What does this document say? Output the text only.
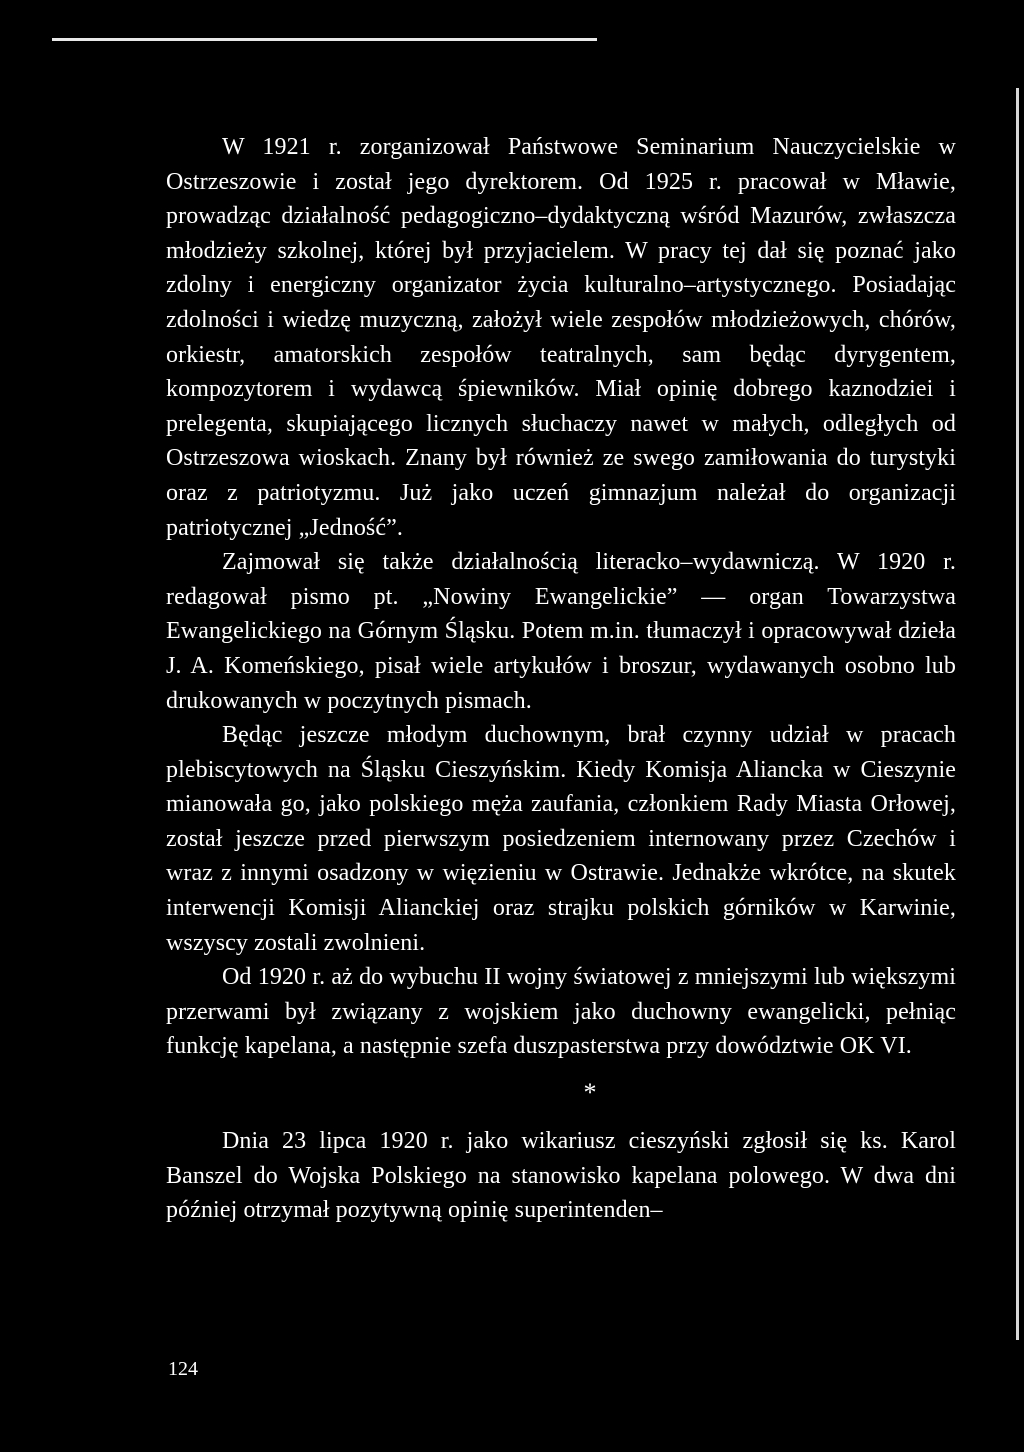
W 1921 r. zorganizował Państwowe Seminarium Nauczycielskie w Ostrzeszowie i został jego dyrektorem. Od 1925 r. pracował w Mławie, prowadząc działalność pedagogiczno–dydaktyczną wśród Mazurów, zwłaszcza młodzieży szkolnej, której był przyjacielem. W pracy tej dał się poznać jako zdolny i energiczny organizator życia kulturalno–artystycznego. Posiadając zdolności i wiedzę muzyczną, założył wiele zespołów młodzieżowych, chórów, orkiestr, amatorskich zespołów teatralnych, sam będąc dyrygentem, kompozytorem i wydawcą śpiewników. Miał opinię dobrego kaznodziei i prelegenta, skupiającego licznych słuchaczy nawet w małych, odległych od Ostrzeszowa wioskach. Znany był również ze swego zamiłowania do turystyki oraz z patriotyzmu. Już jako uczeń gimnazjum należał do organizacji patriotycznej „Jedność”.

Zajmował się także działalnością literacko–wydawniczą. W 1920 r. redagował pismo pt. „Nowiny Ewangelickie” — organ Towarzystwa Ewangelickiego na Górnym Śląsku. Potem m.in. tłumaczył i opracowywał dzieła J. A. Komeńskiego, pisał wiele artykułów i broszur, wydawanych osobno lub drukowanych w poczytnych pismach.

Będąc jeszcze młodym duchownym, brał czynny udział w pracach plebiscytowych na Śląsku Cieszyńskim. Kiedy Komisja Aliancka w Cieszynie mianowała go, jako polskiego męża zaufania, członkiem Rady Miasta Orłowej, został jeszcze przed pierwszym posiedzeniem internowany przez Czechów i wraz z innymi osadzony w więzieniu w Ostrawie. Jednakże wkrótce, na skutek interwencji Komisji Alianckiej oraz strajku polskich górników w Karwinie, wszyscy zostali zwolnieni.

Od 1920 r. aż do wybuchu II wojny światowej z mniejszymi lub większymi przerwami był związany z wojskiem jako duchowny ewangelicki, pełniąc funkcję kapelana, a następnie szefa duszpasterstwa przy dowództwie OK VI.

*

Dnia 23 lipca 1920 r. jako wikariusz cieszyński zgłosił się ks. Karol Banszel do Wojska Polskiego na stanowisko kapelana polowego. W dwa dni później otrzymał pozytywną opinię superintenden–

124
